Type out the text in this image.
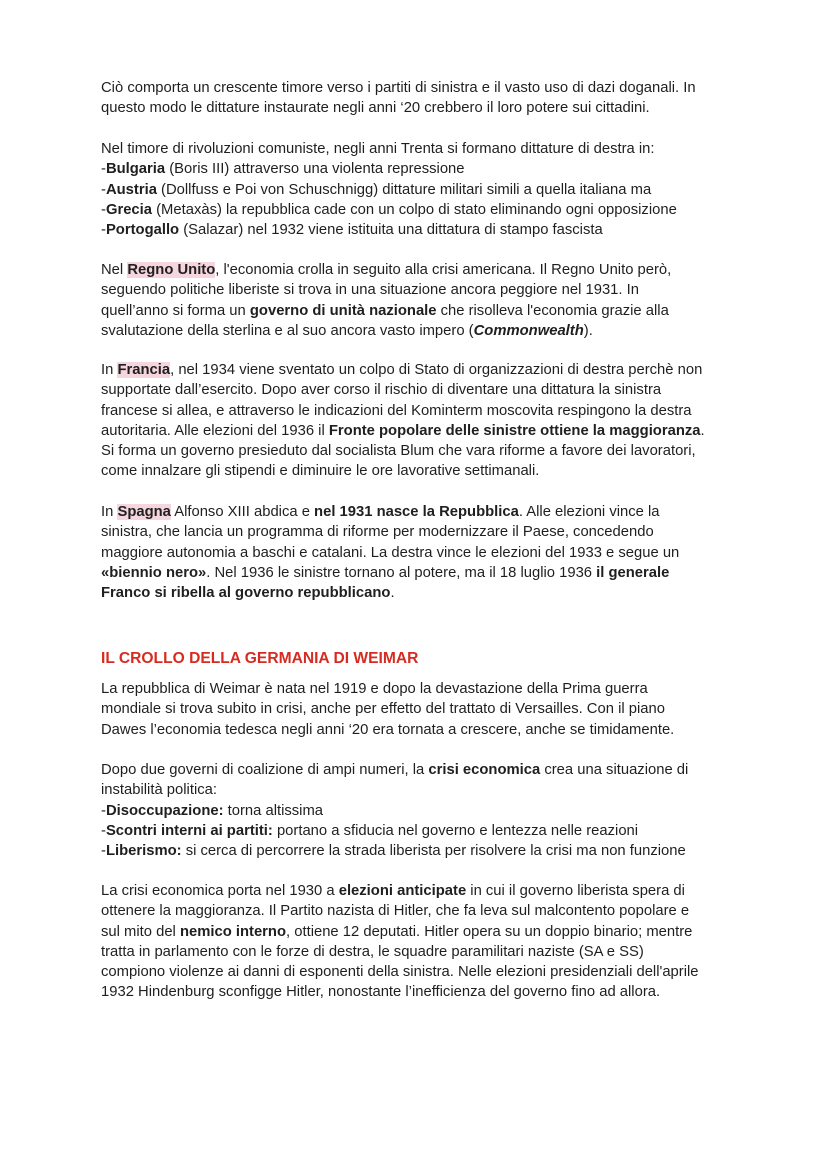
Ciò comporta un crescente timore verso i partiti di sinistra e il vasto uso di dazi doganali. In
questo modo le dittature instaurate negli anni ‘20 crebbero il loro potere sui cittadini.
Nel timore di rivoluzioni comuniste, negli anni Trenta si formano dittature di destra in:
-Bulgaria (Boris III) attraverso una violenta repressione
-Austria (Dollfuss e Poi von Schuschnigg) dittature militari simili a quella italiana ma
-Grecia (Metaxàs) la repubblica cade con un colpo di stato eliminando ogni opposizione
-Portogallo (Salazar) nel 1932 viene istituita una dittatura di stampo fascista
Nel Regno Unito, l'economia crolla in seguito alla crisi americana. Il Regno Unito però,
seguendo politiche liberiste si trova in una situazione ancora peggiore nel 1931. In
quell’anno si forma un governo di unità nazionale che risolleva l'economia grazie alla
svalutazione della sterlina e al suo ancora vasto impero (Commonwealth).
In Francia, nel 1934 viene sventato un colpo di Stato di organizzazioni di destra perchè non
supportate dall’esercito. Dopo aver corso il rischio di diventare una dittatura la sinistra
francese si allea, e attraverso le indicazioni del Kominterm moscovita respingono la destra
autoritaria. Alle elezioni del 1936 il Fronte popolare delle sinistre ottiene la maggioranza.
Si forma un governo presieduto dal socialista Blum che vara riforme a favore dei lavoratori,
come innalzare gli stipendi e diminuire le ore lavorative settimanali.
In Spagna Alfonso XIII abdica e nel 1931 nasce la Repubblica. Alle elezioni vince la
sinistra, che lancia un programma di riforme per modernizzare il Paese, concedendo
maggiore autonomia a baschi e catalani. La destra vince le elezioni del 1933 e segue un
«biennio nero». Nel 1936 le sinistre tornano al potere, ma il 18 luglio 1936 il generale
Franco si ribella al governo repubblicano.
IL CROLLO DELLA GERMANIA DI WEIMAR
La repubblica di Weimar è nata nel 1919 e dopo la devastazione della Prima guerra
mondiale si trova subito in crisi, anche per effetto del trattato di Versailles. Con il piano
Dawes l’economia tedesca negli anni ‘20 era tornata a crescere, anche se timidamente.
Dopo due governi di coalizione di ampi numeri, la crisi economica crea una situazione di
instabilità politica:
-Disoccupazione: torna altissima
-Scontri interni ai partiti: portano a sfiducia nel governo e lentezza nelle reazioni
-Liberismo: si cerca di percorrere la strada liberista per risolvere la crisi ma non funzione
La crisi economica porta nel 1930 a elezioni anticipate in cui il governo liberista spera di
ottenere la maggioranza. Il Partito nazista di Hitler, che fa leva sul malcontento popolare e
sul mito del nemico interno, ottiene 12 deputati. Hitler opera su un doppio binario; mentre
tratta in parlamento con le forze di destra, le squadre paramilitari naziste (SA e SS)
compiono violenze ai danni di esponenti della sinistra. Nelle elezioni presidenziali dell'aprile
1932 Hindenburg sconfigge Hitler, nonostante l’inefficienza del governo fino ad allora.
